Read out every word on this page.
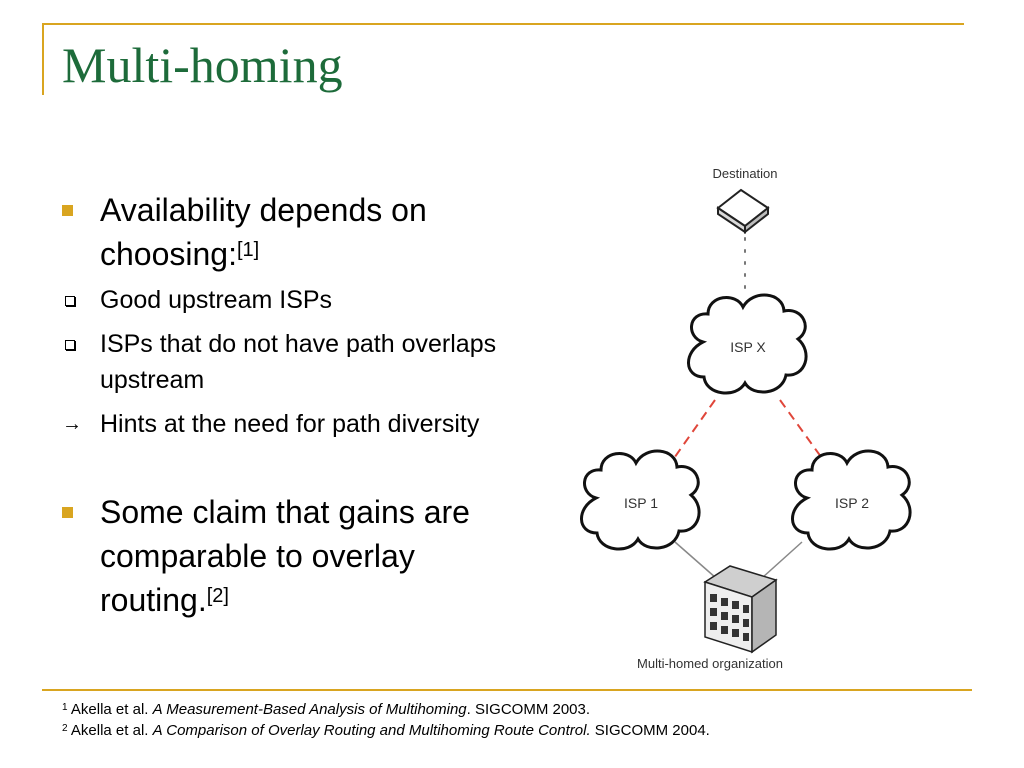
Multi-homing
Availability depends on choosing:[1]
Good upstream ISPs
ISPs that do not have path overlaps upstream
→ Hints at the need for path diversity
Some claim that gains are comparable to overlay routing.[2]
Destination
ISP X
ISP 1	ISP 2
Multi-homed organization
$^1$ Akella et al. A Measurement-Based Analysis of Multihoming. SIGCOMM 2003.
$^2$ Akella et al. A Comparison of Overlay Routing and Multihoming Route Control. SIGCOMM 2004.
